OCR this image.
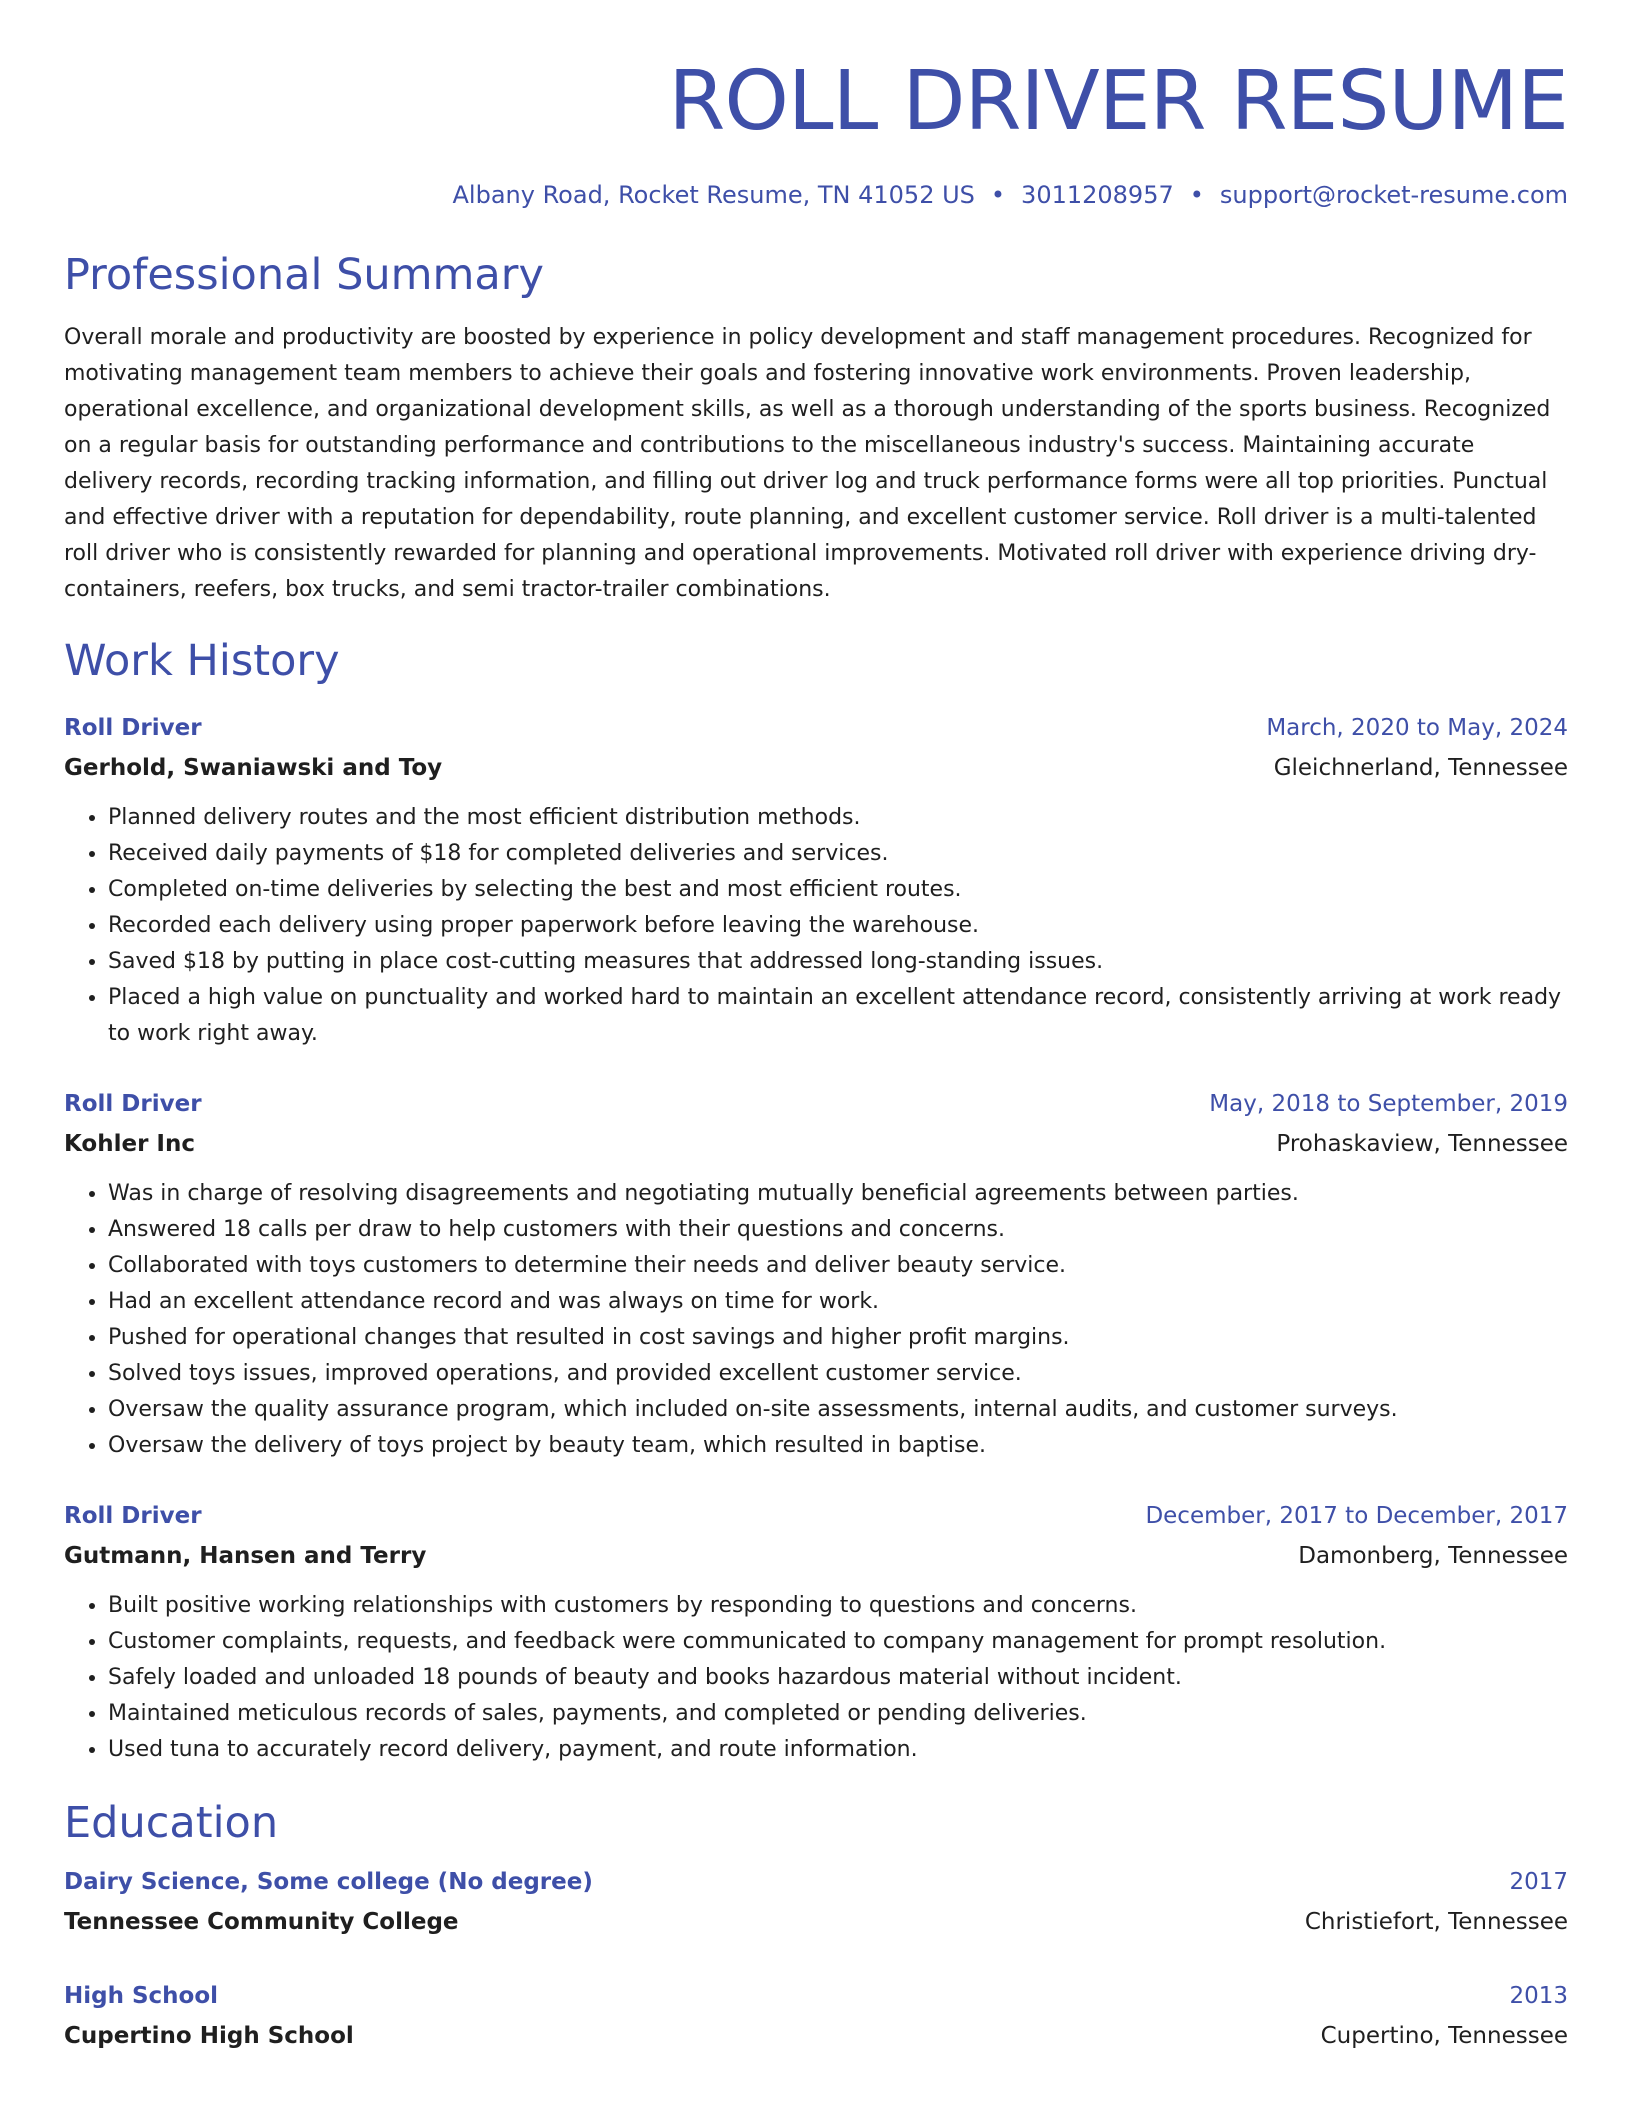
ROLL DRIVER RESUME
Albany Road, Rocket Resume, TN 41052 US • 3011208957 • support@rocket-resume.com
Professional Summary

Overall morale and productivity are boosted by experience in policy development and staff management procedures. Recognized for motivating management team members to achieve their goals and fostering innovative work environments. Proven leadership, operational excellence, and organizational development skills, as well as a thorough understanding of the sports business. Recognized on a regular basis for outstanding performance and contributions to the miscellaneous industry's success. Maintaining accurate delivery records, recording tracking information, and filling out driver log and truck performance forms were all top priorities. Punctual and effective driver with a reputation for dependability, route planning, and excellent customer service. Roll driver is a multi-talented roll driver who is consistently rewarded for planning and operational improvements. Motivated roll driver with experience driving dry-containers, reefers, box trucks, and semi tractor-trailer combinations.

Work History
Roll Driver	March, 2020 to May, 2024
Gerhold, Swaniawski and Toy	Gleichnerland, Tennessee
• Planned delivery routes and the most efficient distribution methods.
• Received daily payments of $18 for completed deliveries and services.
• Completed on-time deliveries by selecting the best and most efficient routes.
• Recorded each delivery using proper paperwork before leaving the warehouse.
• Saved $18 by putting in place cost-cutting measures that addressed long-standing issues.
• Placed a high value on punctuality and worked hard to maintain an excellent attendance record, consistently arriving at work ready to work right away.
Roll Driver	May, 2018 to September, 2019
Kohler Inc	Prohaskaview, Tennessee
• Was in charge of resolving disagreements and negotiating mutually beneficial agreements between parties.
• Answered 18 calls per draw to help customers with their questions and concerns.
• Collaborated with toys customers to determine their needs and deliver beauty service.
• Had an excellent attendance record and was always on time for work.
• Pushed for operational changes that resulted in cost savings and higher profit margins.
• Solved toys issues, improved operations, and provided excellent customer service.
• Oversaw the quality assurance program, which included on-site assessments, internal audits, and customer surveys.
• Oversaw the delivery of toys project by beauty team, which resulted in baptise.
Roll Driver	December, 2017 to December, 2017
Gutmann, Hansen and Terry	Damonberg, Tennessee
• Built positive working relationships with customers by responding to questions and concerns.
• Customer complaints, requests, and feedback were communicated to company management for prompt resolution.
• Safely loaded and unloaded 18 pounds of beauty and books hazardous material without incident.
• Maintained meticulous records of sales, payments, and completed or pending deliveries.
• Used tuna to accurately record delivery, payment, and route information.
Education
Dairy Science, Some college (No degree)	2017
Tennessee Community College	Christiefort, Tennessee
High School	2013
Cupertino High School	Cupertino, Tennessee
